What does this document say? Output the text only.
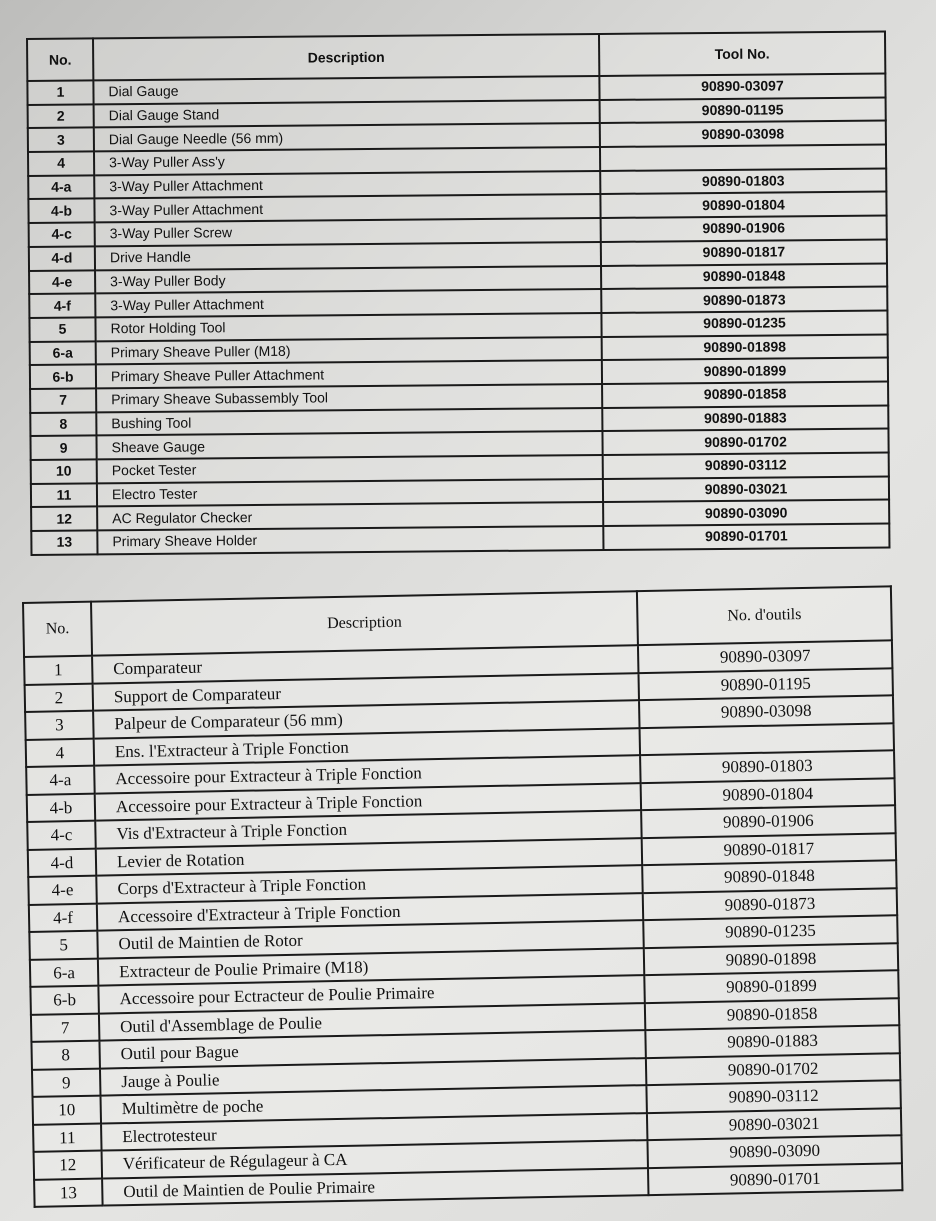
No.	Description	Tool No.
1	Dial Gauge	90890-03097
2	Dial Gauge Stand	90890-01195
3	Dial Gauge Needle (56 mm)	90890-03098
4	3-Way Puller Ass'y	
4-a	3-Way Puller Attachment	90890-01803
4-b	3-Way Puller Attachment	90890-01804
4-c	3-Way Puller Screw	90890-01906
4-d	Drive Handle	90890-01817
4-e	3-Way Puller Body	90890-01848
4-f	3-Way Puller Attachment	90890-01873
5	Rotor Holding Tool	90890-01235
6-a	Primary Sheave Puller (M18)	90890-01898
6-b	Primary Sheave Puller Attachment	90890-01899
7	Primary Sheave Subassembly Tool	90890-01858
8	Bushing Tool	90890-01883
9	Sheave Gauge	90890-01702
10	Pocket Tester	90890-03112
11	Electro Tester	90890-03021
12	AC Regulator Checker	90890-03090
13	Primary Sheave Holder	90890-01701
No.	Description	No. d'outils
1	Comparateur	90890-03097
2	Support de Comparateur	90890-01195
3	Palpeur de Comparateur (56 mm)	90890-03098
4	Ens. l'Extracteur à Triple Fonction	
4-a	Accessoire pour Extracteur à Triple Fonction	90890-01803
4-b	Accessoire pour Extracteur à Triple Fonction	90890-01804
4-c	Vis d'Extracteur à Triple Fonction	90890-01906
4-d	Levier de Rotation	90890-01817
4-e	Corps d'Extracteur à Triple Fonction	90890-01848
4-f	Accessoire d'Extracteur à Triple Fonction	90890-01873
5	Outil de Maintien de Rotor	90890-01235
6-a	Extracteur de Poulie Primaire (M18)	90890-01898
6-b	Accessoire pour Ectracteur de Poulie Primaire	90890-01899
7	Outil d'Assemblage de Poulie	90890-01858
8	Outil pour Bague	90890-01883
9	Jauge à Poulie	90890-01702
10	Multimètre de poche	90890-03112
11	Electrotesteur	90890-03021
12	Vérificateur de Régulageur à CA	90890-03090
13	Outil de Maintien de Poulie Primaire	90890-01701
